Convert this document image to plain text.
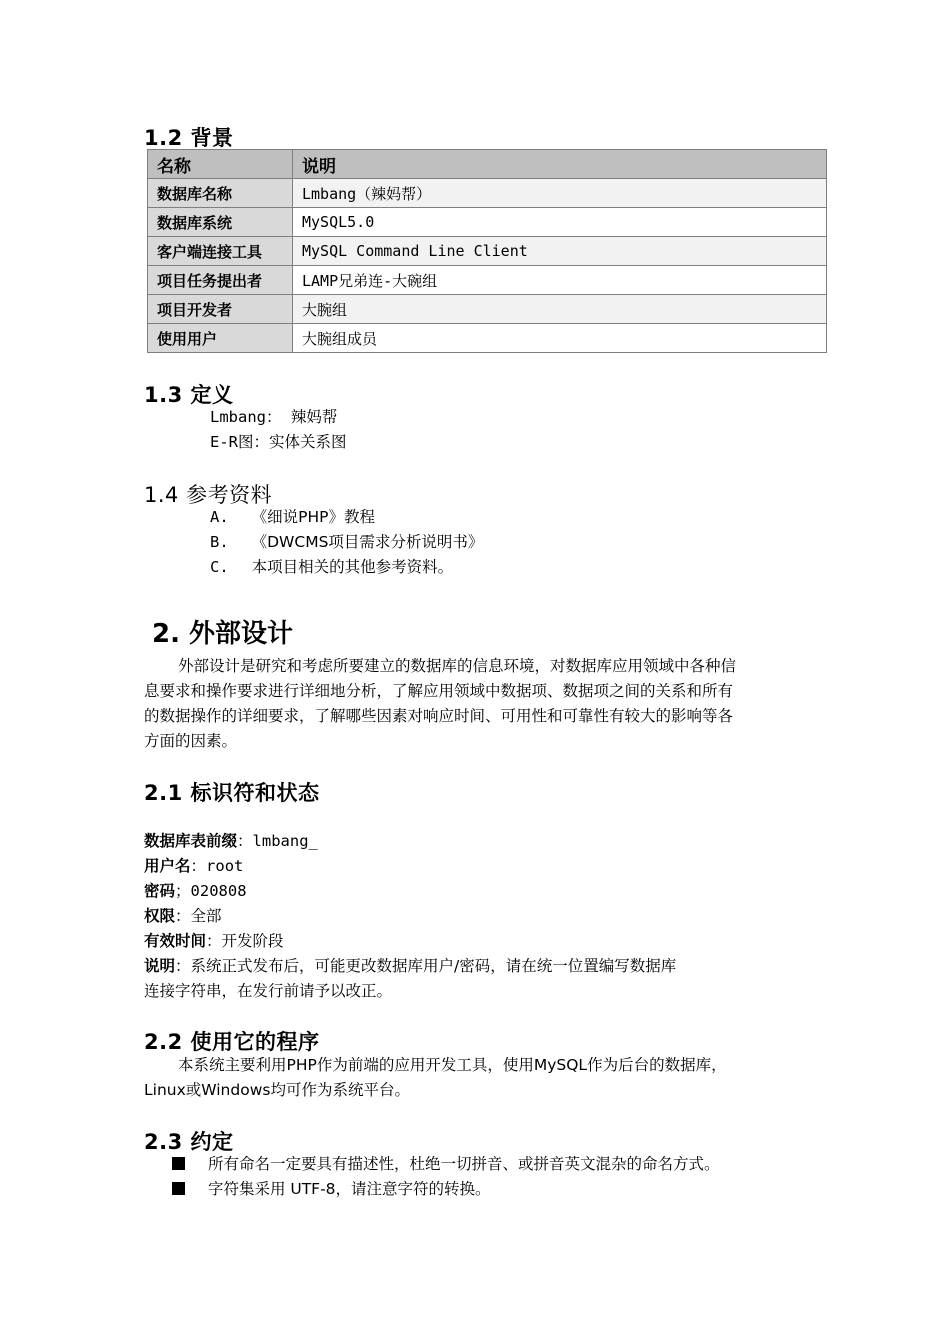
1.2 背景
名称	说明
数据库名称	Lmbang（辣妈帮）
数据库系统	MySQL5.0
客户端连接工具	MySQL Command Line Client
项目任务提出者	LAMP兄弟连-大碗组
项目开发者	大腕组
使用用户	大腕组成员
1.3 定义
Lmbang： 辣妈帮
E-R图：实体关系图
1.4 参考资料
A. 《细说PHP》教程
B. 《DWCMS项目需求分析说明书》
C. 本项目相关的其他参考资料。
2. 外部设计
外部设计是研究和考虑所要建立的数据库的信息环境，对数据库应用领域中各种信
息要求和操作要求进行详细地分析，了解应用领域中数据项、数据项之间的关系和所有
的数据操作的详细要求，了解哪些因素对响应时间、可用性和可靠性有较大的影响等各
方面的因素。
2.1 标识符和状态
数据库表前缀：lmbang_
用户名：root
密码；020808
权限：全部
有效时间：开发阶段
说明：系统正式发布后，可能更改数据库用户/密码，请在统一位置编写数据库
连接字符串，在发行前请予以改正。
2.2 使用它的程序
本系统主要利用PHP作为前端的应用开发工具，使用MySQL作为后台的数据库，
Linux或Windows均可作为系统平台。
2.3 约定
所有命名一定要具有描述性，杜绝一切拼音、或拼音英文混杂的命名方式。
字符集采用 UTF-8，请注意字符的转换。
